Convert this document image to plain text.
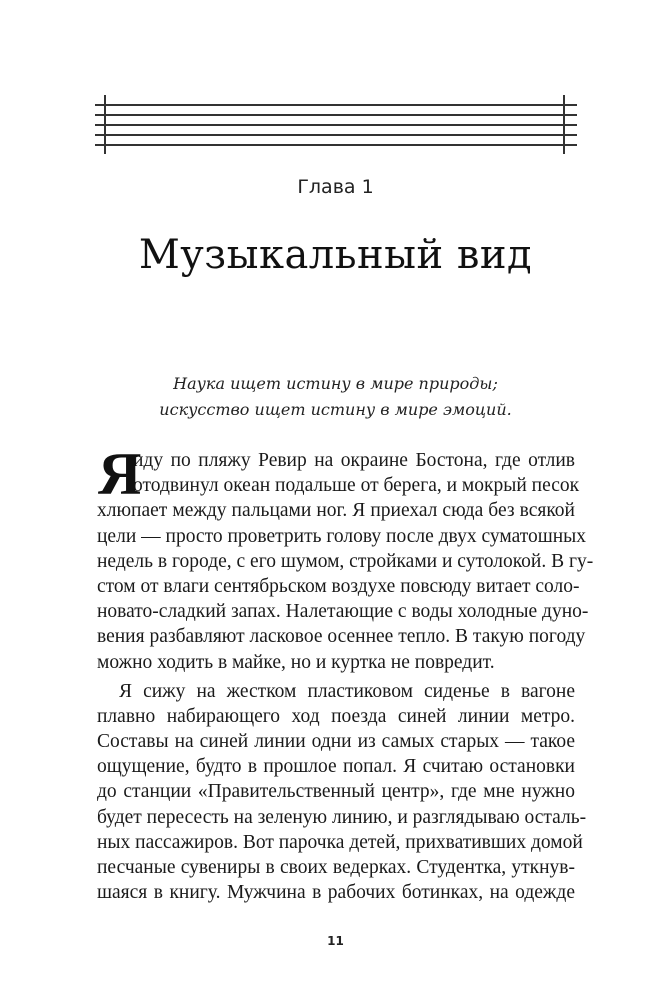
Глава 1
Музыкальный вид
Наука ищет истину в мире природы;
искусство ищет истину в мире эмоций.
Я
иду по пляжу Ревир на окраине Бостона, где отлив
отодвинул океан подальше от берега, и мокрый песок
хлюпает между пальцами ног. Я приехал сюда без всякой
цели — просто проветрить голову после двух суматошных
недель в городе, с его шумом, стройками и сутолокой. В гу-
стом от влаги сентябрьском воздухе повсюду витает соло-
новато-сладкий запах. Налетающие с воды холодные дуно-
вения разбавляют ласковое осеннее тепло. В такую погоду
можно ходить в майке, но и куртка не повредит.
Я сижу на жестком пластиковом сиденье в вагоне
плавно набирающего ход поезда синей линии метро.
Составы на синей линии одни из самых старых — такое
ощущение, будто в прошлое попал. Я считаю остановки
до станции «Правительственный центр», где мне нужно
будет пересесть на зеленую линию, и разглядываю осталь-
ных пассажиров. Вот парочка детей, прихвативших домой
песчаные сувениры в своих ведерках. Студентка, уткнув-
шаяся в книгу. Мужчина в рабочих ботинках, на одежде
11
